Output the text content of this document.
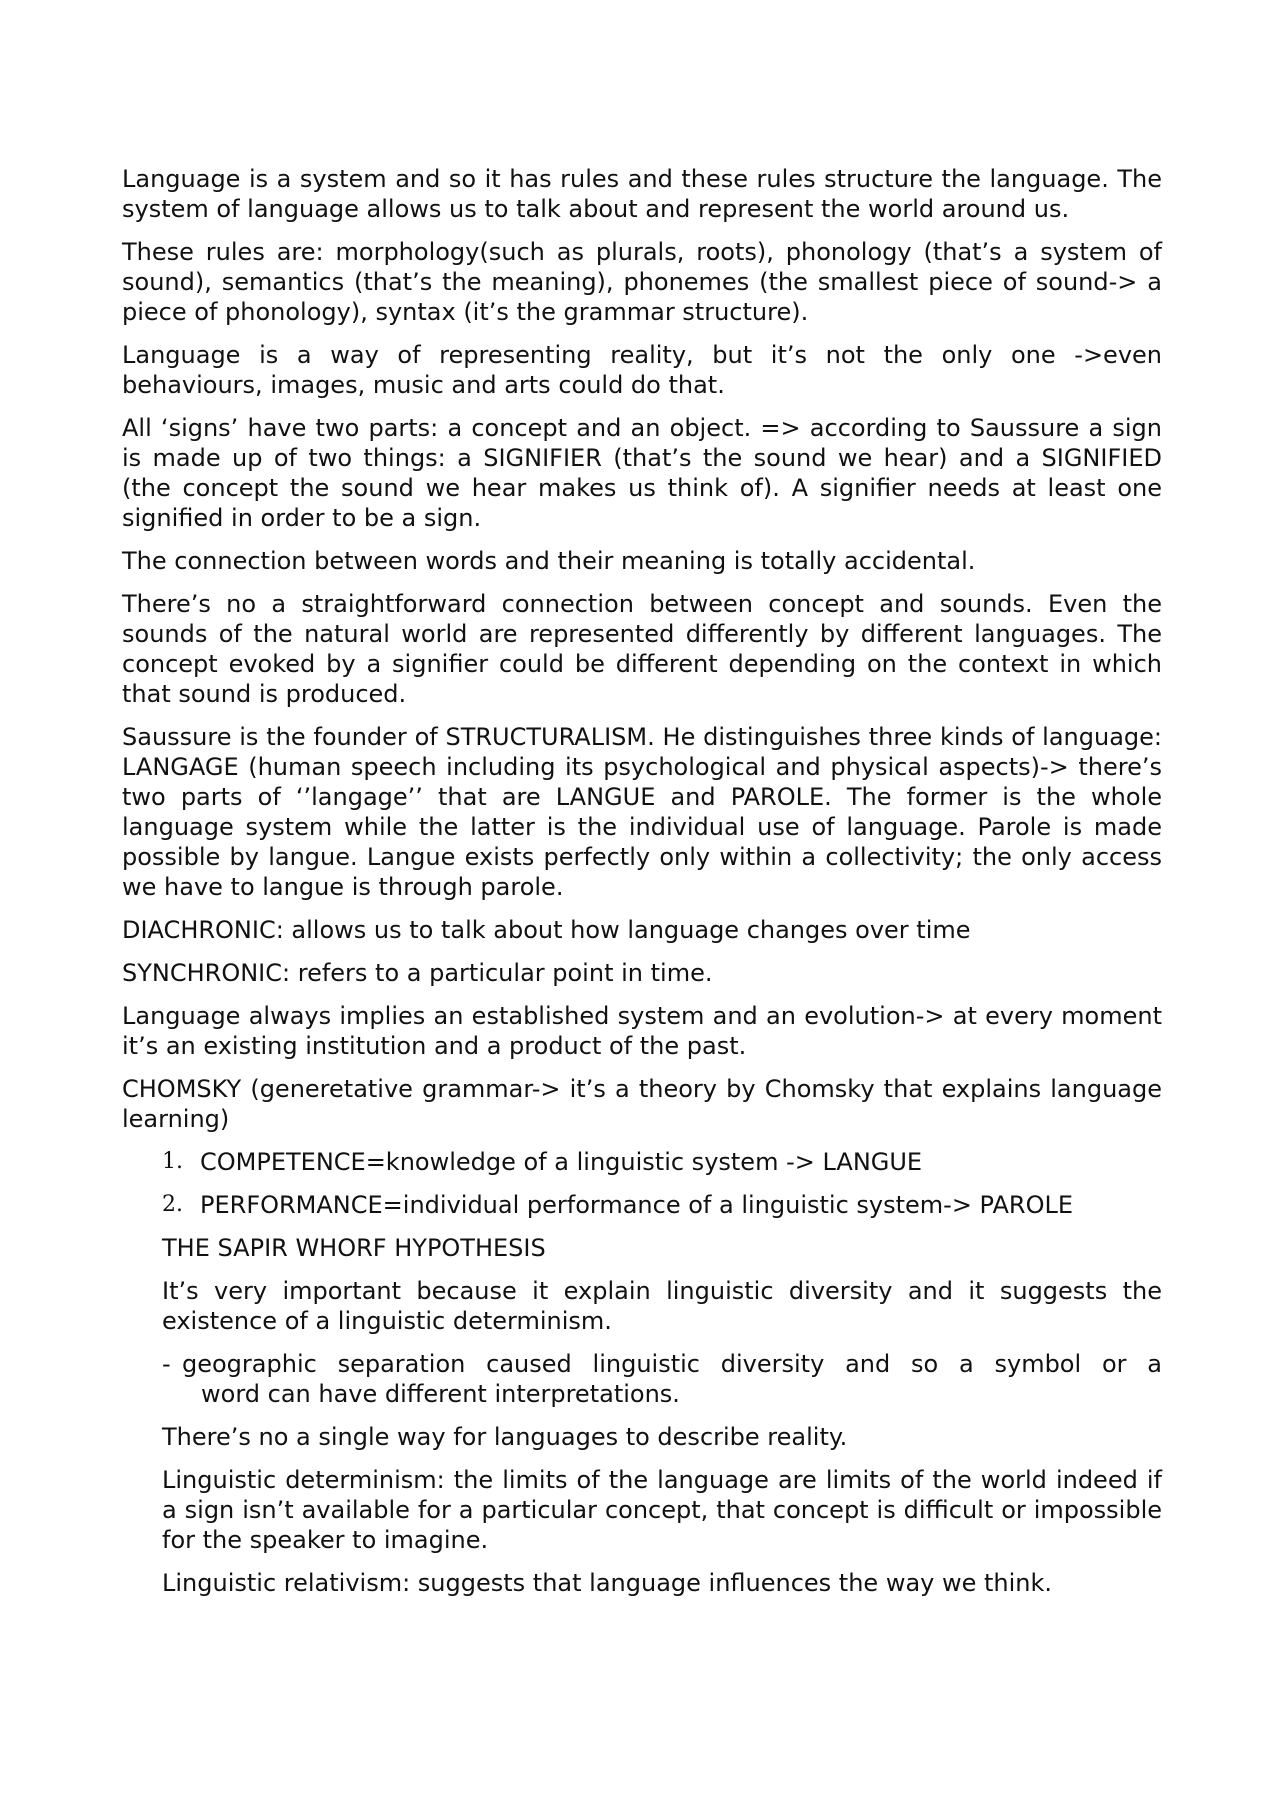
Language is a system and so it has rules and these rules structure the language. The system of language allows us to talk about and represent the world around us.

These rules are: morphology(such as plurals, roots), phonology (that’s a system of sound), semantics (that’s the meaning), phonemes (the smallest piece of sound-> a piece of phonology), syntax (it’s the grammar structure).

Language is a way of representing reality, but it’s not the only one ->even behaviours, images, music and arts could do that.

All ‘signs’ have two parts: a concept and an object. => according to Saussure a sign is made up of two things: a SIGNIFIER (that’s the sound we hear) and a SIGNIFIED (the concept the sound we hear makes us think of). A signifier needs at least one signified in order to be a sign.

The connection between words and their meaning is totally accidental.

There’s no a straightforward connection between concept and sounds. Even the sounds of the natural world are represented differently by different languages. The concept evoked by a signifier could be different depending on the context in which that sound is produced.

Saussure is the founder of STRUCTURALISM. He distinguishes three kinds of language: LANGAGE (human speech including its psychological and physical aspects)-> there’s two parts of ‘’langage’’ that are LANGUE and PAROLE. The former is the whole language system while the latter is the individual use of language. Parole is made possible by langue. Langue exists perfectly only within a collectivity; the only access we have to langue is through parole.

DIACHRONIC: allows us to talk about how language changes over time

SYNCHRONIC: refers to a particular point in time.

Language always implies an established system and an evolution-> at every moment it’s an existing institution and a product of the past.

CHOMSKY (generetative grammar-> it’s a theory by Chomsky that explains language learning)

1. COMPETENCE=knowledge of a linguistic system -> LANGUE
2. PERFORMANCE=individual performance of a linguistic system-> PAROLE

THE SAPIR WHORF HYPOTHESIS

It’s very important because it explain linguistic diversity and it suggests the existence of a linguistic determinism.

- geographic separation caused linguistic diversity and so a symbol or a
word can have different interpretations.

There’s no a single way for languages to describe reality.

Linguistic determinism: the limits of the language are limits of the world indeed if a sign isn’t available for a particular concept, that concept is difficult or impossible for the speaker to imagine.

Linguistic relativism: suggests that language influences the way we think.
